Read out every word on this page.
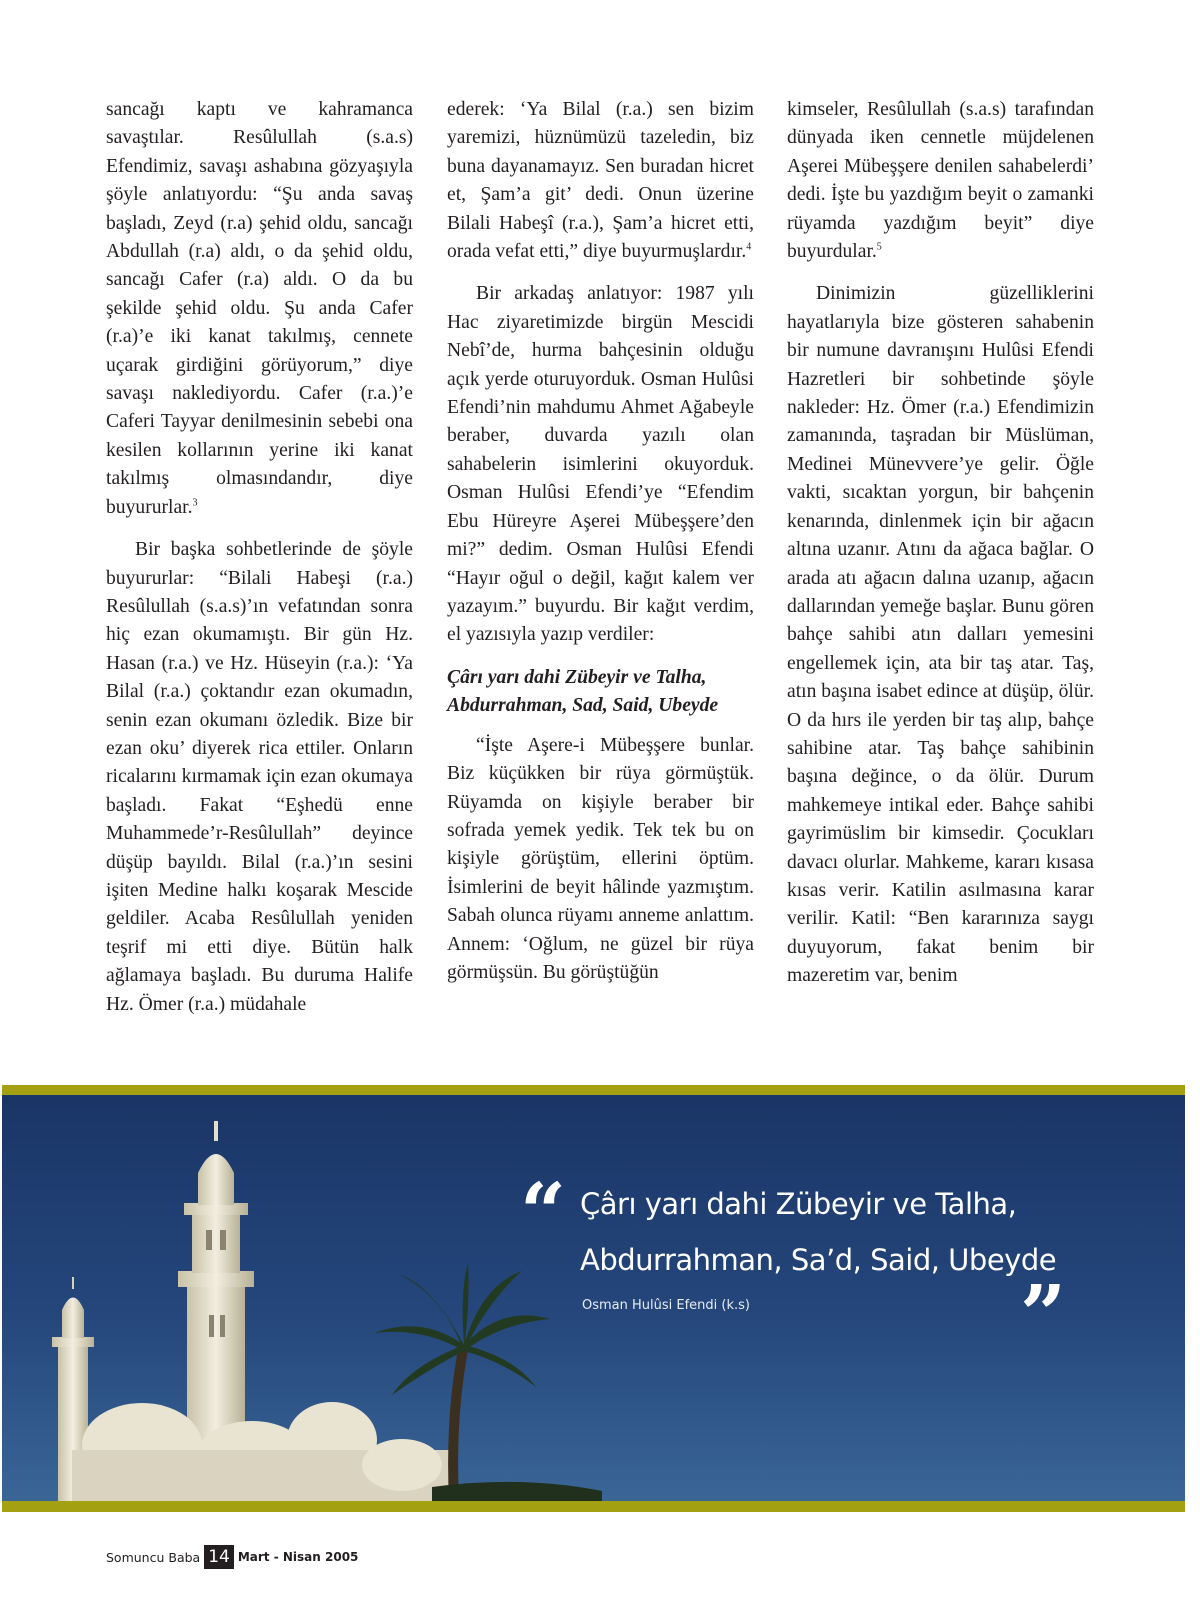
sancağı kaptı ve kahramanca savaştılar. Resûlullah (s.a.s) Efendimiz, savaşı ashabına gözyaşıyla şöyle anlatıyordu: “Şu anda savaş başladı, Zeyd (r.a) şehid oldu, sancağı Abdullah (r.a) aldı, o da şehid oldu, sancağı Cafer (r.a) aldı. O da bu şekilde şehid oldu. Şu anda Cafer (r.a)’e iki kanat takılmış, cennete uçarak girdiğini görüyorum,” diye savaşı naklediyordu. Cafer (r.a.)’e Caferi Tayyar denilmesinin sebebi ona kesilen kollarının yerine iki kanat takılmış olmasındandır, diye buyururlar.$^3$

Bir başka sohbetlerinde de şöyle buyururlar: “Bilali Habeşi (r.a.) Resûlullah (s.a.s)’ın vefatından sonra hiç ezan okumamıştı. Bir gün Hz. Hasan (r.a.) ve Hz. Hüseyin (r.a.): ‘Ya Bilal (r.a.) çoktandır ezan okumadın, senin ezan okumanı özledik. Bize bir ezan oku’ diyerek rica ettiler. Onların ricalarını kırmamak için ezan okumaya başladı. Fakat “Eşhedü enne Muhammede’r-Resûlullah” deyince düşüp bayıldı. Bilal (r.a.)’ın sesini işiten Medine halkı koşarak Mescide geldiler. Acaba Resûlullah yeniden teşrif mi etti diye. Bütün halk ağlamaya başladı. Bu duruma Halife Hz. Ömer (r.a.) müdahale

ederek: ‘Ya Bilal (r.a.) sen bizim yaremizi, hüznümüzü tazeledin, biz buna dayanamayız. Sen buradan hicret et, Şam’a git’ dedi. Onun üzerine Bilali Habeşî (r.a.), Şam’a hicret etti, orada vefat etti,” diye buyurmuşlardır.$^4$

Bir arkadaş anlatıyor: 1987 yılı Hac ziyaretimizde birgün Mescidi Nebî’de, hurma bahçesinin olduğu açık yerde oturuyorduk. Osman Hulûsi Efendi’nin mahdumu Ahmet Ağabeyle beraber, duvarda yazılı olan sahabelerin isimlerini okuyorduk. Osman Hulûsi Efendi’ye “Efendim Ebu Hüreyre Aşerei Mübeşşere’den mi?” dedim. Osman Hulûsi Efendi “Hayır oğul o değil, kağıt kalem ver yazayım.” buyurdu. Bir kağıt verdim, el yazısıyla yazıp verdiler:

Çârı yarı dahi Zübeyir ve Talha,
Abdurrahman, Sad, Said, Ubeyde

“İşte Aşere-i Mübeşşere bunlar. Biz küçükken bir rüya görmüştük. Rüyamda on kişiyle beraber bir sofrada yemek yedik. Tek tek bu on kişiyle görüştüm, ellerini öptüm. İsimlerini de beyit hâlinde yazmıştım. Sabah olunca rüyamı anneme anlattım. Annem: ‘Oğlum, ne güzel bir rüya görmüşsün. Bu görüştüğün

kimseler, Resûlullah (s.a.s) tarafından dünyada iken cennetle müjdelenen Aşerei Mübeşşere denilen sahabelerdi’ dedi. İşte bu yazdığım beyit o zamanki rüyamda yazdığım beyit” diye buyurdular.$^5$

Dinimizin güzelliklerini hayatlarıyla bize gösteren sahabenin bir numune davranışını Hulûsi Efendi Hazretleri bir sohbetinde şöyle nakleder: Hz. Ömer (r.a.) Efendimizin zamanında, taşradan bir Müslüman, Medinei Münevvere’ye gelir. Öğle vakti, sıcaktan yorgun, bir bahçenin kenarında, dinlenmek için bir ağacın altına uzanır. Atını da ağaca bağlar. O arada atı ağacın dalına uzanıp, ağacın dallarından yemeğe başlar. Bunu gören bahçe sahibi atın dalları yemesini engellemek için, ata bir taş atar. Taş, atın başına isabet edince at düşüp, ölür. O da hırs ile yerden bir taş alıp, bahçe sahibine atar. Taş bahçe sahibinin başına değince, o da ölür. Durum mahkemeye intikal eder. Bahçe sahibi gayrimüslim bir kimsedir. Çocukları davacı olurlar. Mahkeme, kararı kısasa kısas verir. Katilin asılmasına karar verilir. Katil: “Ben kararınıza saygı duyuyorum, fakat benim bir mazeretim var, benim

“ Çârı yarı dahi Zübeyir ve Talha,
Abdurrahman, Sa’d, Said, Ubeyde
”
Osman Hulûsi Efendi (k.s)
Somuncu Baba 14 Mart - Nisan 2005
